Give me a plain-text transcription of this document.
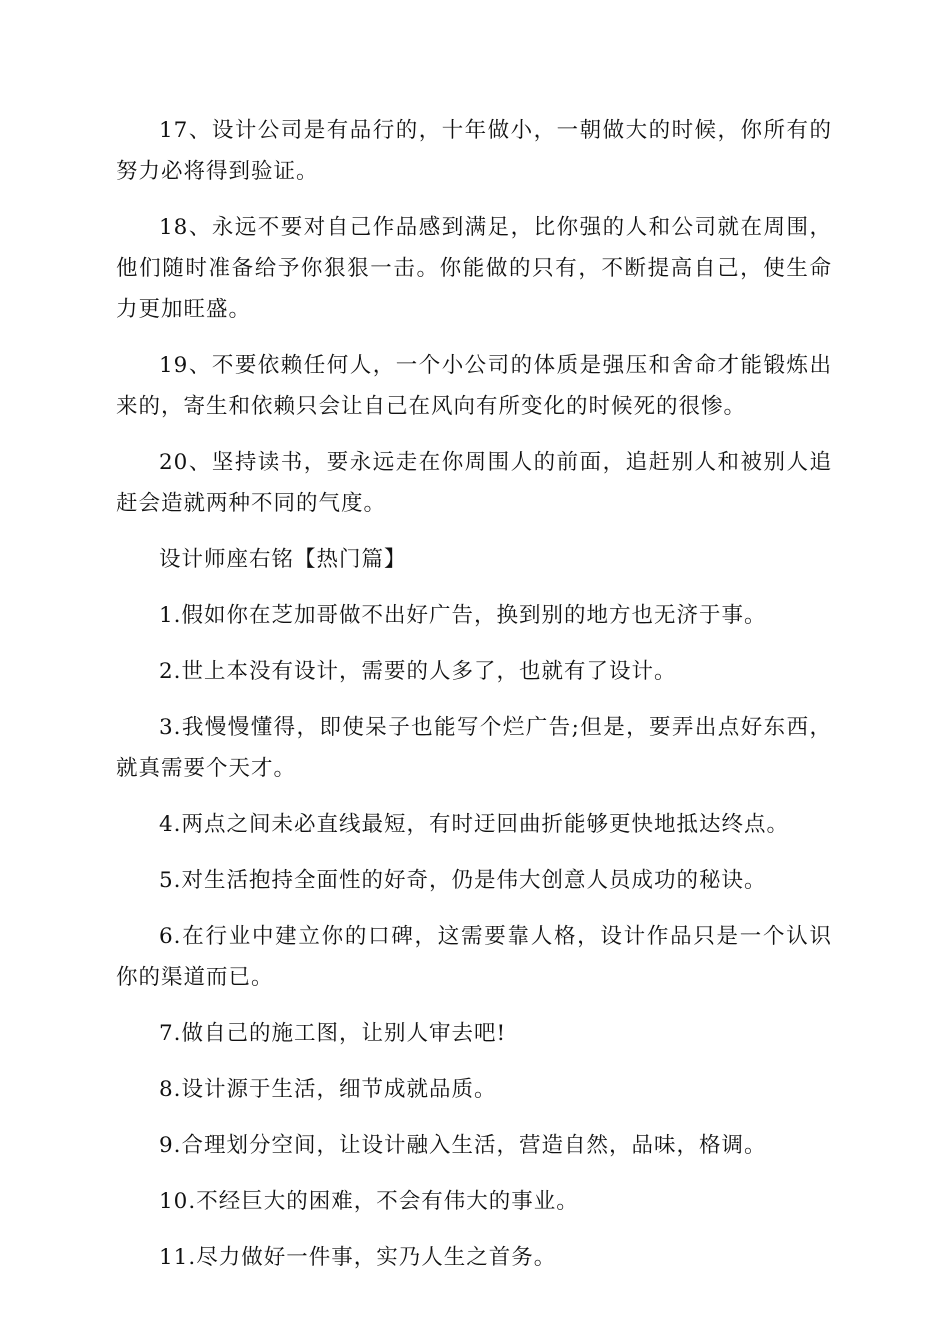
17、设计公司是有品行的，十年做小，一朝做大的时候，你所有的努力必将得到验证。

18、永远不要对自己作品感到满足，比你强的人和公司就在周围，他们随时准备给予你狠狠一击。你能做的只有，不断提高自己，使生命力更加旺盛。

19、不要依赖任何人，一个小公司的体质是强压和舍命才能锻炼出来的，寄生和依赖只会让自己在风向有所变化的时候死的很惨。

20、坚持读书，要永远走在你周围人的前面，追赶别人和被别人追赶会造就两种不同的气度。

设计师座右铭【热门篇】

1.假如你在芝加哥做不出好广告，换到别的地方也无济于事。

2.世上本没有设计，需要的人多了，也就有了设计。

3.我慢慢懂得，即使呆子也能写个烂广告;但是，要弄出点好东西，就真需要个天才。

4.两点之间未必直线最短，有时迂回曲折能够更快地抵达终点。

5.对生活抱持全面性的好奇，仍是伟大创意人员成功的秘诀。

6.在行业中建立你的口碑，这需要靠人格，设计作品只是一个认识你的渠道而已。

7.做自己的施工图，让别人审去吧!

8.设计源于生活，细节成就品质。

9.合理划分空间，让设计融入生活，营造自然，品味，格调。

10.不经巨大的困难，不会有伟大的事业。

11.尽力做好一件事，实乃人生之首务。
